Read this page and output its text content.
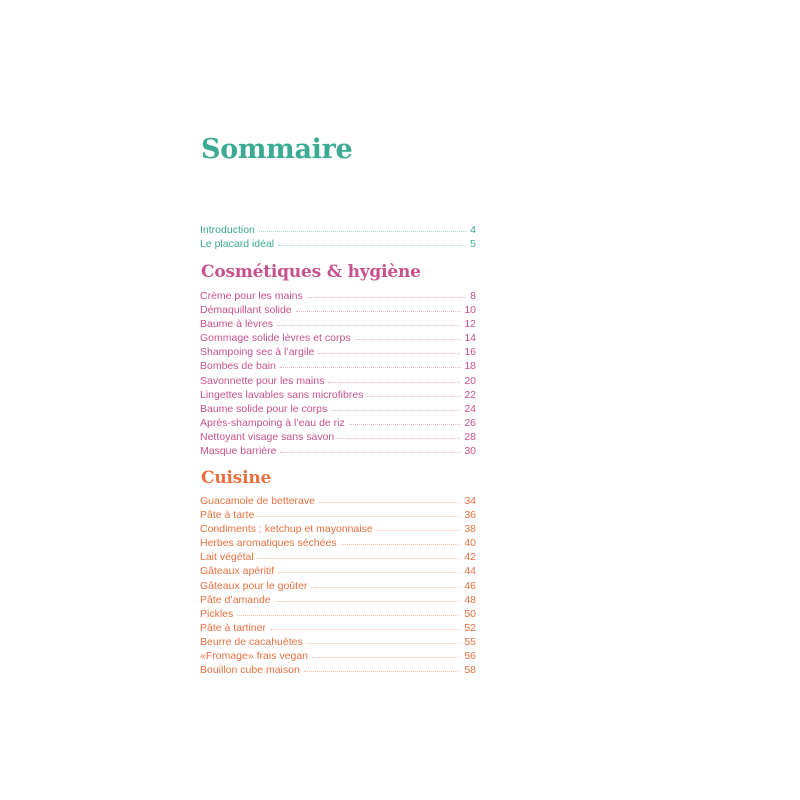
Sommaire
Introduction	4
Le placard idéal	5
Cosmétiques & hygiène
Crème pour les mains	8
Démaquillant solide	10
Baume à lèvres	12
Gommage solide lèvres et corps	14
Shampoing sec à l’argile	16
Bombes de bain	18
Savonnette pour les mains	20
Lingettes lavables sans microfibres	22
Baume solide pour le corps	24
Après-shampoing à l’eau de riz	26
Nettoyant visage sans savon	28
Masque barrière	30
Cuisine
Guacamole de betterave	34
Pâte à tarte	36
Condiments : ketchup et mayonnaise	38
Herbes aromatiques séchées	40
Lait végétal	42
Gâteaux apéritif	44
Gâteaux pour le goûter	46
Pâte d’amande	48
Pickles	50
Pâte à tartiner	52
Beurre de cacahuètes	55
«Fromage» frais vegan	56
Bouillon cube maison	58
